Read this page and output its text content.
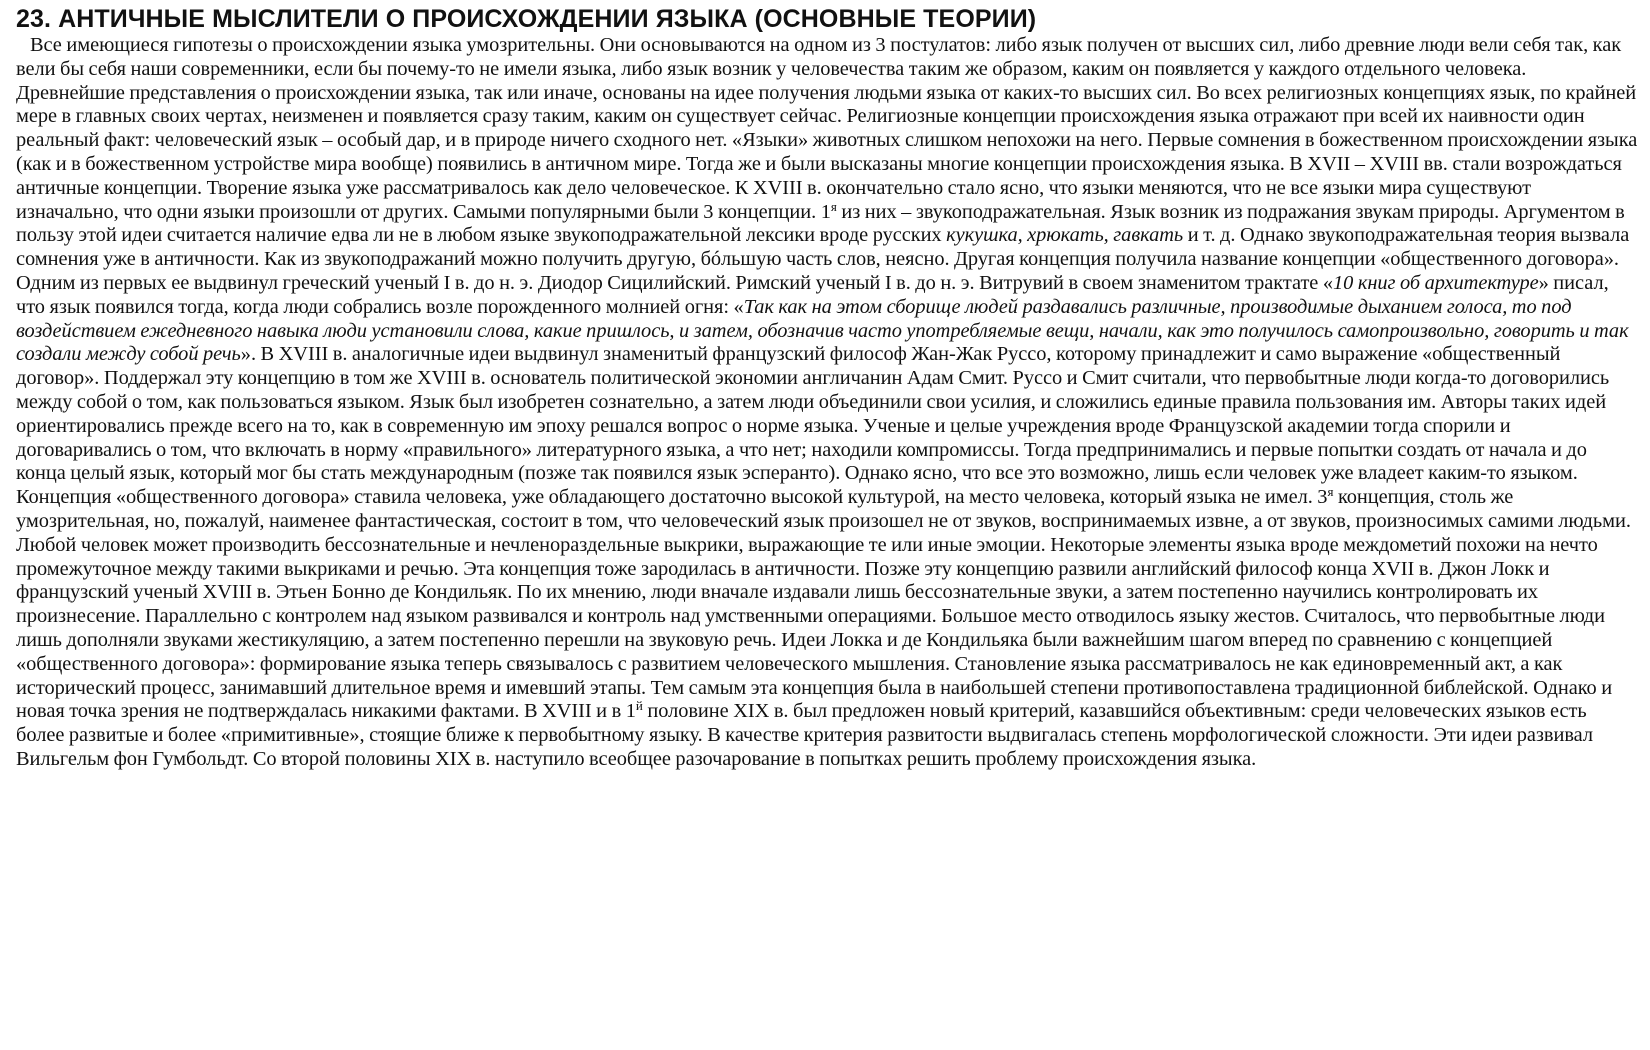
23. АНТИЧНЫЕ МЫСЛИТЕЛИ О ПРОИСХОЖДЕНИИ ЯЗЫКА (ОСНОВНЫЕ ТЕОРИИ)

Все имеющиеся гипотезы о происхождении языка умозрительны. Они основываются на одном из 3 постулатов: либо язык получен от высших сил, либо древние люди вели себя так, как вели бы себя наши современники, если бы почему-то не имели языка, либо язык возник у человечества таким же образом, каким он появляется у каждого отдельного человека. Древнейшие представления о происхождении языка, так или иначе, основаны на идее получения людьми языка от каких-то высших сил. Во всех религиозных концепциях язык, по крайней мере в главных своих чертах, неизменен и появляется сразу таким, каким он существует сейчас. Религиозные концепции происхождения языка отражают при всей их наивности один реальный факт: человеческий язык – особый дар, и в природе ничего сходного нет. «Языки» животных слишком непохожи на него. Первые сомнения в божественном происхождении языка (как и в божественном устройстве мира вообще) появились в античном мире. Тогда же и были высказаны многие концепции происхождения языка. В XVII – XVIII вв. стали возрождаться античные концепции. Творение языка уже рассматривалось как дело человеческое. К XVIII в. окончательно стало ясно, что языки меняются, что не все языки мира существуют изначально, что одни языки произошли от других. Самыми популярными были 3 концепции. $1^я$ из них – звукоподражательная. Язык возник из подражания звукам природы. Аргументом в пользу этой идеи считается наличие едва ли не в любом языке звукоподражательной лексики вроде русских кукушка, хрюкать, гавкать и т. д. Однако звукоподражательная теория вызвала сомнения уже в античности. Как из звукоподражаний можно получить другую, бóльшую часть слов, неясно. Другая концепция получила название концепции «общественного договора». Одним из первых ее выдвинул греческий ученый I в. до н. э. Диодор Сицилийский. Римский ученый I в. до н. э. Витрувий в своем знаменитом трактате «10 книг об архитектуре» писал, что язык появился тогда, когда люди собрались возле порожденного молнией огня: «Так как на этом сборище людей раздавались различные, производимые дыханием голоса, то под воздействием ежедневного навыка люди установили слова, какие пришлось, и затем, обозначив часто употребляемые вещи, начали, как это получилось самопроизвольно, говорить и так создали между собой речь». В XVIII в. аналогичные идеи выдвинул знаменитый французский философ Жан-Жак Руссо, которому принадлежит и само выражение «общественный договор». Поддержал эту концепцию в том же XVIII в. основатель политической экономии англичанин Адам Смит. Руссо и Смит считали, что первобытные люди когда-то договорились между собой о том, как пользоваться языком. Язык был изобретен сознательно, а затем люди объединили свои усилия, и сложились единые правила пользования им. Авторы таких идей ориентировались прежде всего на то, как в современную им эпоху решался вопрос о норме языка. Ученые и целые учреждения вроде Французской академии тогда спорили и договаривались о том, что включать в норму «правильного» литературного языка, а что нет; находили компромиссы. Тогда предпринимались и первые попытки создать от начала и до конца целый язык, который мог бы стать международным (позже так появился язык эсперанто). Однако ясно, что все это возможно, лишь если человек уже владеет каким-то языком. Концепция «общественного договора» ставила человека, уже обладающего достаточно высокой культурой, на место человека, который языка не имел. $3^я$ концепция, столь же умозрительная, но, пожалуй, наименее фантастическая, состоит в том, что человеческий язык произошел не от звуков, воспринимаемых извне, а от звуков, произносимых самими людьми. Любой человек может производить бессознательные и нечленораздельные выкрики, выражающие те или иные эмоции. Некоторые элементы языка вроде междометий похожи на нечто промежуточное между такими выкриками и речью. Эта концепция тоже зародилась в античности. Позже эту концепцию развили английский философ конца XVII в. Джон Локк и французский ученый XVIII в. Этьен Бонно де Кондильяк. По их мнению, люди вначале издавали лишь бессознательные звуки, а затем постепенно научились контролировать их произнесение. Параллельно с контролем над языком развивался и контроль над умственными операциями. Большое место отводилось языку жестов. Считалось, что первобытные люди лишь дополняли звуками жестикуляцию, а затем постепенно перешли на звуковую речь. Идеи Локка и де Кондильяка были важнейшим шагом вперед по сравнению с концепцией «общественного договора»: формирование языка теперь связывалось с развитием человеческого мышления. Становление языка рассматривалось не как единовременный акт, а как исторический процесс, занимавший длительное время и имевший этапы. Тем самым эта концепция была в наибольшей степени противопоставлена традиционной библейской. Однако и новая точка зрения не подтверждалась никакими фактами. В XVIII и в $1^й$ половине XIX в. был предложен новый критерий, казавшийся объективным: среди человеческих языков есть более развитые и более «примитивные», стоящие ближе к первобытному языку. В качестве критерия развитости выдвигалась степень морфологической сложности. Эти идеи развивал Вильгельм фон Гумбольдт. Со второй половины XIX в. наступило всеобщее разочарование в попытках решить проблему происхождения языка.
